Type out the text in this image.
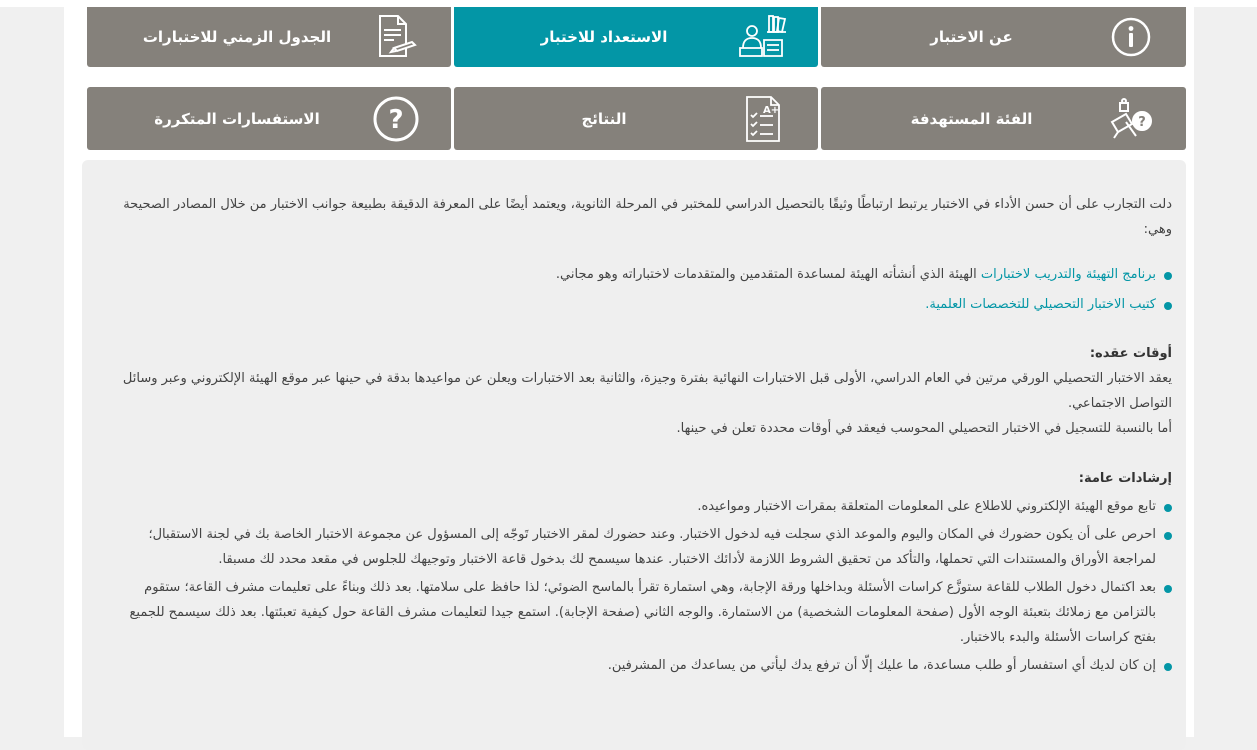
عن الاختبار
الاستعداد للاختبار
الجدول الزمني للاختبارات
?
الفئة المستهدفة
A+
النتائج
?
الاستفسارات المتكررة

دلت التجارب على أن حسن الأداء في الاختبار يرتبط ارتباطًا وثيقًا بالتحصيل الدراسي للمختبر في المرحلة الثانوية، ويعتمد أيضًا على المعرفة الدقيقة بطبيعة جوانب الاختبار من خلال المصادر الصحيحة وهي:

برنامج التهيئة والتدريب لاختبارات الهيئة الذي أنشأته الهيئة لمساعدة المتقدمين والمتقدمات لاختباراته وهو مجاني.
كتيب الاختبار التحصيلي للتخصصات العلمية.

أوقات عقده:

يعقد الاختبار التحصيلي الورقي مرتين في العام الدراسي، الأولى قبل الاختبارات النهائية بفترة وجيزة، والثانية بعد الاختبارات ويعلن عن مواعيدها بدقة في حينها عبر موقع الهيئة الإلكتروني وعبر وسائل التواصل الاجتماعي.

أما بالنسبة للتسجيل في الاختبار التحصيلي المحوسب فيعقد في أوقات محددة تعلن في حينها.

إرشادات عامة:

تابع موقع الهيئة الإلكتروني للاطلاع على المعلومات المتعلقة بمقرات الاختبار ومواعيده.
احرص على أن يكون حضورك في المكان واليوم والموعد الذي سجلت فيه لدخول الاختبار. وعند حضورك لمقر الاختبار تَوجّه إلى المسؤول عن مجموعة الاختبار الخاصة بك في لجنة الاستقبال؛ لمراجعة الأوراق والمستندات التي تحملها، والتأكد من تحقيق الشروط اللازمة لأدائك الاختبار. عندها سيسمح لك بدخول قاعة الاختبار وتوجيهك للجلوس في مقعد محدد لك مسبقا.
بعد اكتمال دخول الطلاب للقاعة ستوزَّع كراسات الأسئلة وبداخلها ورقة الإجابة، وهي استمارة تقرأ بالماسح الضوئي؛ لذا حافظ على سلامتها. بعد ذلك وبناءً على تعليمات مشرف القاعة؛ ستقوم بالتزامن مع زملائك بتعبئة الوجه الأول (صفحة المعلومات الشخصية) من الاستمارة. والوجه الثاني (صفحة الإجابة). استمع جيدا لتعليمات مشرف القاعة حول كيفية تعبئتها. بعد ذلك سيسمح للجميع بفتح كراسات الأسئلة والبدء بالاختبار.
إن كان لديك أي استفسار أو طلب مساعدة، ما عليك إلّا أن ترفع يدك ليأتي من يساعدك من المشرفين.
